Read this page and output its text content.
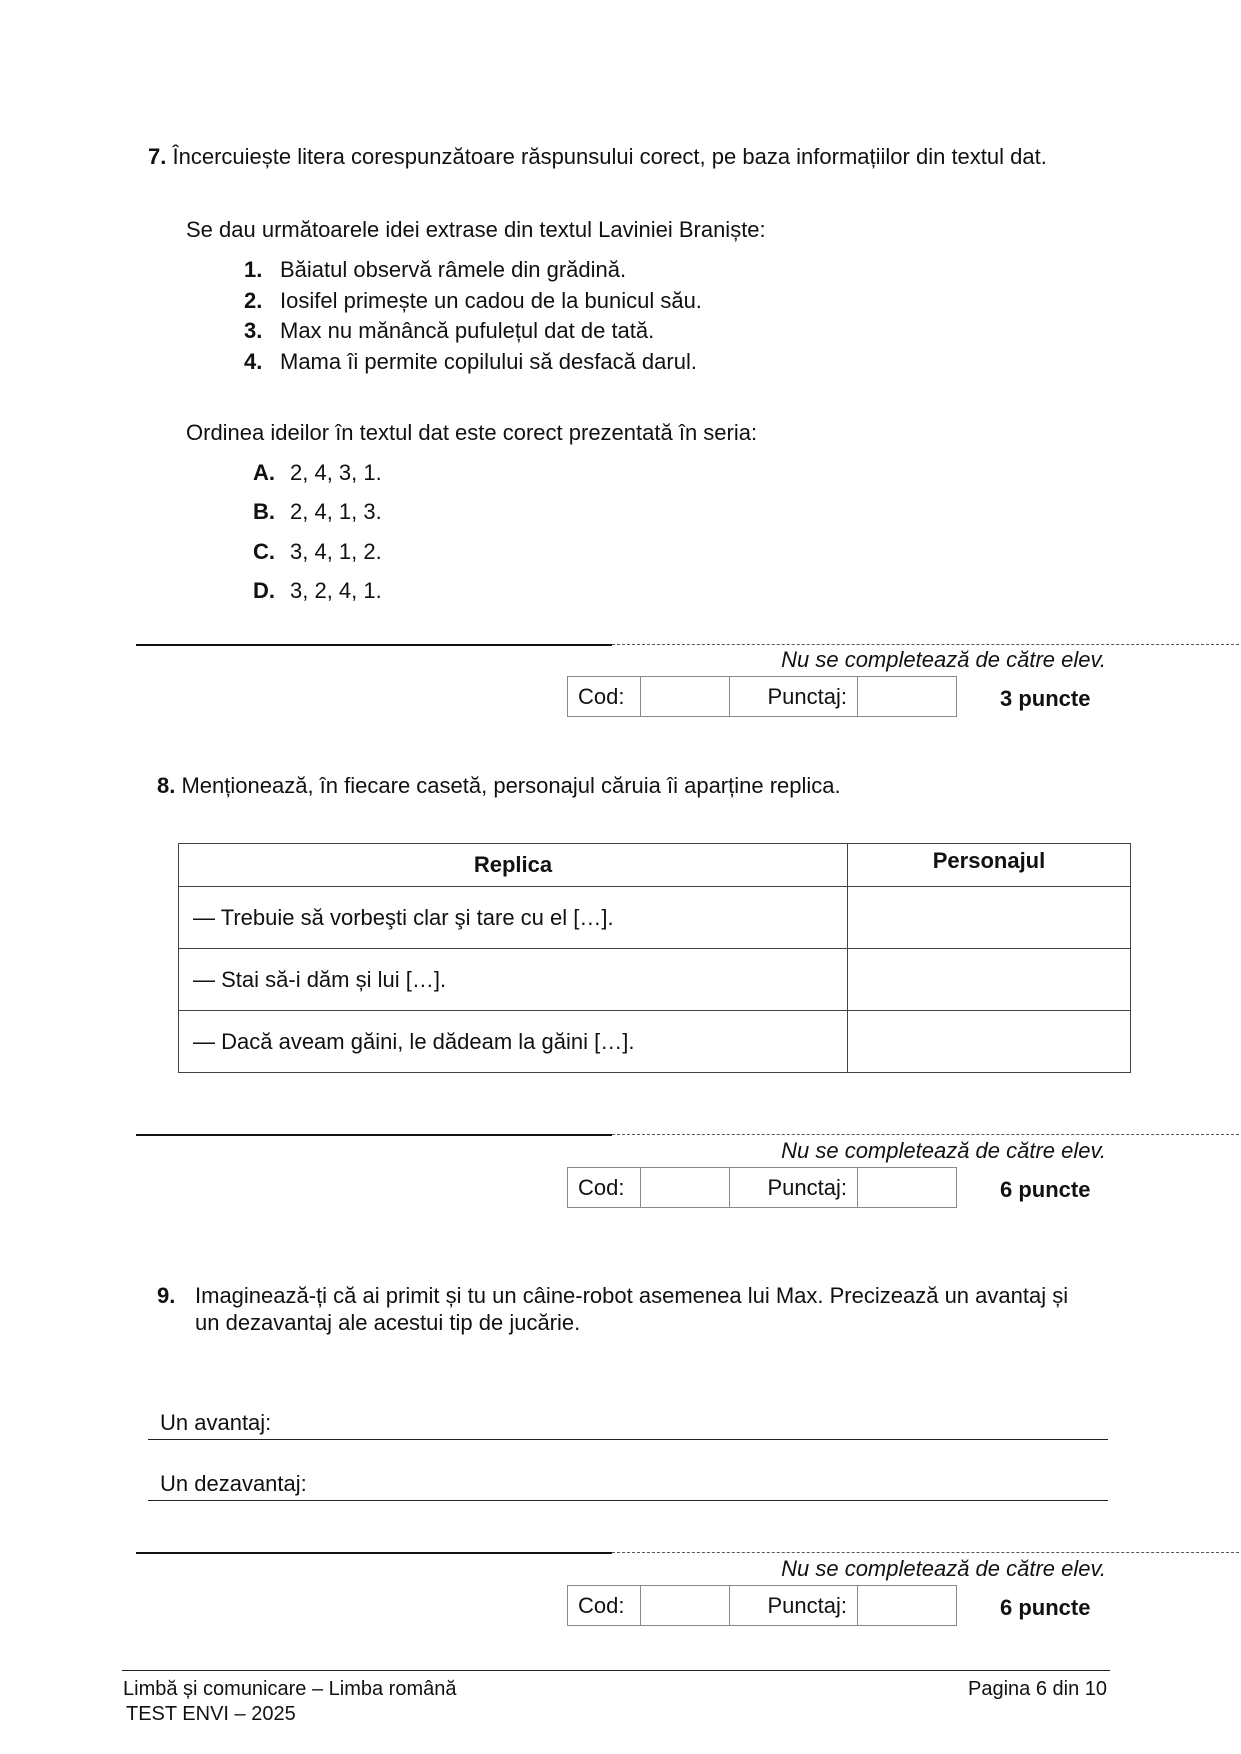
7. Încercuiește litera corespunzătoare răspunsului corect, pe baza informațiilor din textul dat.
Se dau următoarele idei extrase din textul Laviniei Braniște:
1. Băiatul observă râmele din grădină.
2. Iosifel primește un cadou de la bunicul său.
3. Max nu mănâncă pufulețul dat de tată.
4. Mama îi permite copilului să desfacă darul.
Ordinea ideilor în textul dat este corect prezentată în seria:
A. 2, 4, 3, 1.
B. 2, 4, 1, 3.
C. 3, 4, 1, 2.
D. 3, 2, 4, 1.
Nu se completează de către elev.
Cod:		Punctaj:		3 puncte
8. Menționează, în fiecare casetă, personajul căruia îi aparține replica.
Replica	Personajul
— Trebuie să vorbeşti clar şi tare cu el […].	
— Stai să-i dăm și lui […].	
— Dacă aveam găini, le dădeam la găini […].	
Nu se completează de către elev.
Cod:		Punctaj:		6 puncte
9. Imaginează-ți că ai primit și tu un câine-robot asemenea lui Max. Precizează un avantaj și
un dezavantaj ale acestui tip de jucărie.
Un avantaj:
Un dezavantaj:
Nu se completează de către elev.
Cod:		Punctaj:		6 puncte
Limbă și comunicare – Limba română
TEST ENVI – 2025
Pagina 6 din 10
